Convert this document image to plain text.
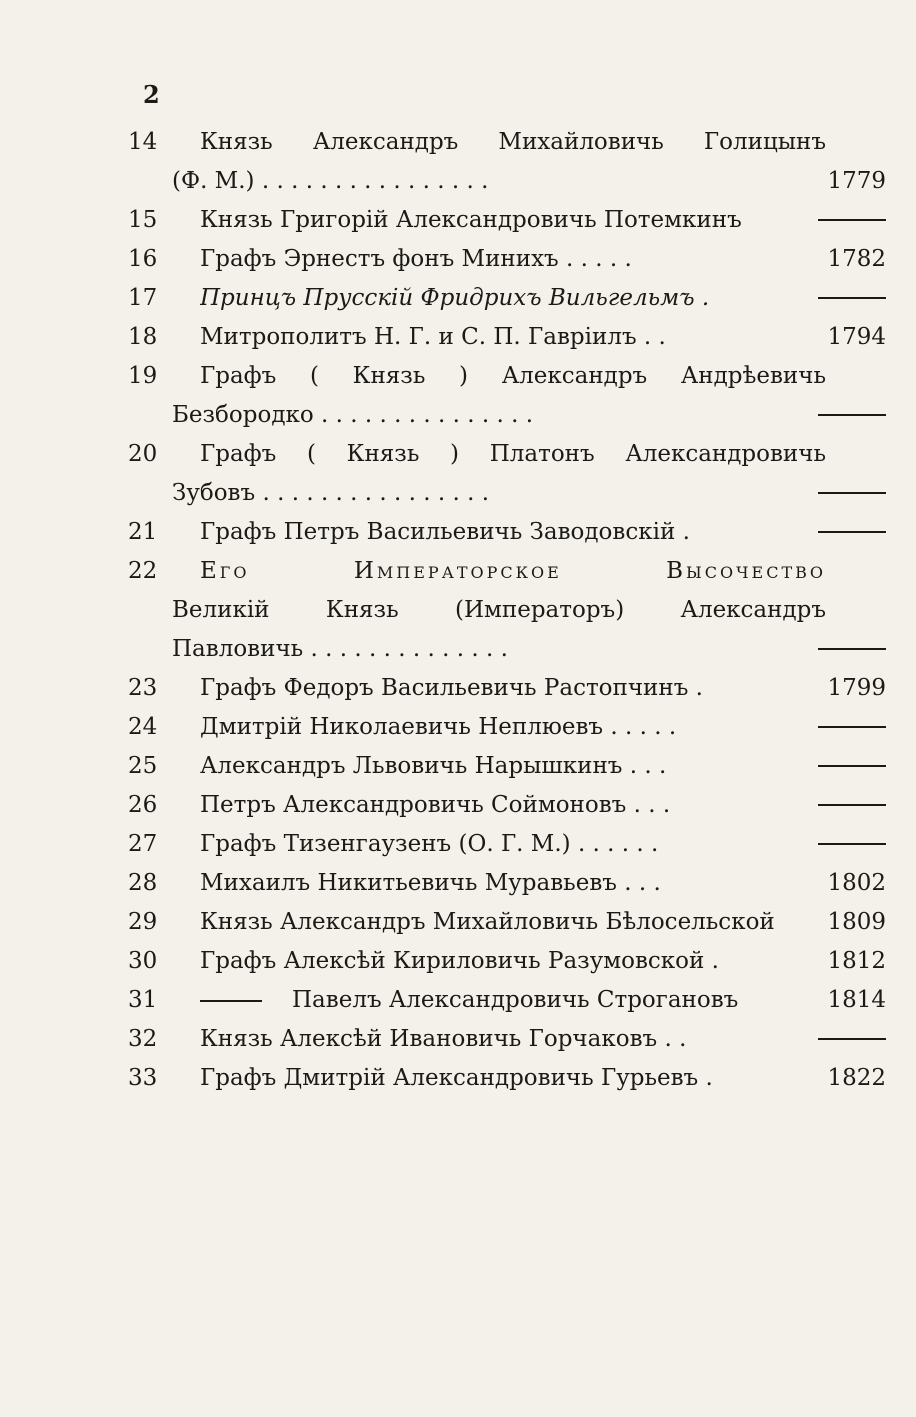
2
14	Князь Александръ Михайловичь Голицынъ
(Ф. М.) . . . . . . . . . . . . . . . .	1779
15	Князь Григорій Александровичь Потемкинъ
16	Графъ Эрнестъ фонъ Минихъ . . . . .	1782
17	Принцъ Прусскій Фридрихъ Вильгельмъ .
18	Митрополитъ Н. Г. и С. П. Гавріилъ . .	1794
19	Графъ ( Князь ) Александръ Андрѣевичь
Безбородко . . . . . . . . . . . . . . .
20	Графъ ( Князь ) Платонъ Александровичь
Зубовъ . . . . . . . . . . . . . . . .
21	Графъ Петръ Васильевичь Заводовскій .
22	Его Императорское Высочество
Великій Князь (Императоръ) Александръ
Павловичь . . . . . . . . . . . . . .
23	Графъ Федоръ Васильевичь Растопчинъ .	1799
24	Дмитрій Николаевичь Неплюевъ . . . . .
25	Александръ Львовичь Нарышкинъ . . .
26	Петръ Александровичь Соймоновъ . . .
27	Графъ Тизенгаузенъ (О. Г. М.) . . . . . .
28	Михаилъ Никитьевичь Муравьевъ . . .	1802
29	Князь Александръ Михайловичь Бѣлосельской	1809
30	Графъ Алексѣй Кириловичь Разумовской .	1812
31	Павелъ Александровичь Строгановъ	1814
32	Князь Алексѣй Ивановичь Горчаковъ . .
33	Графъ Дмитрій Александровичь Гурьевъ .	1822
